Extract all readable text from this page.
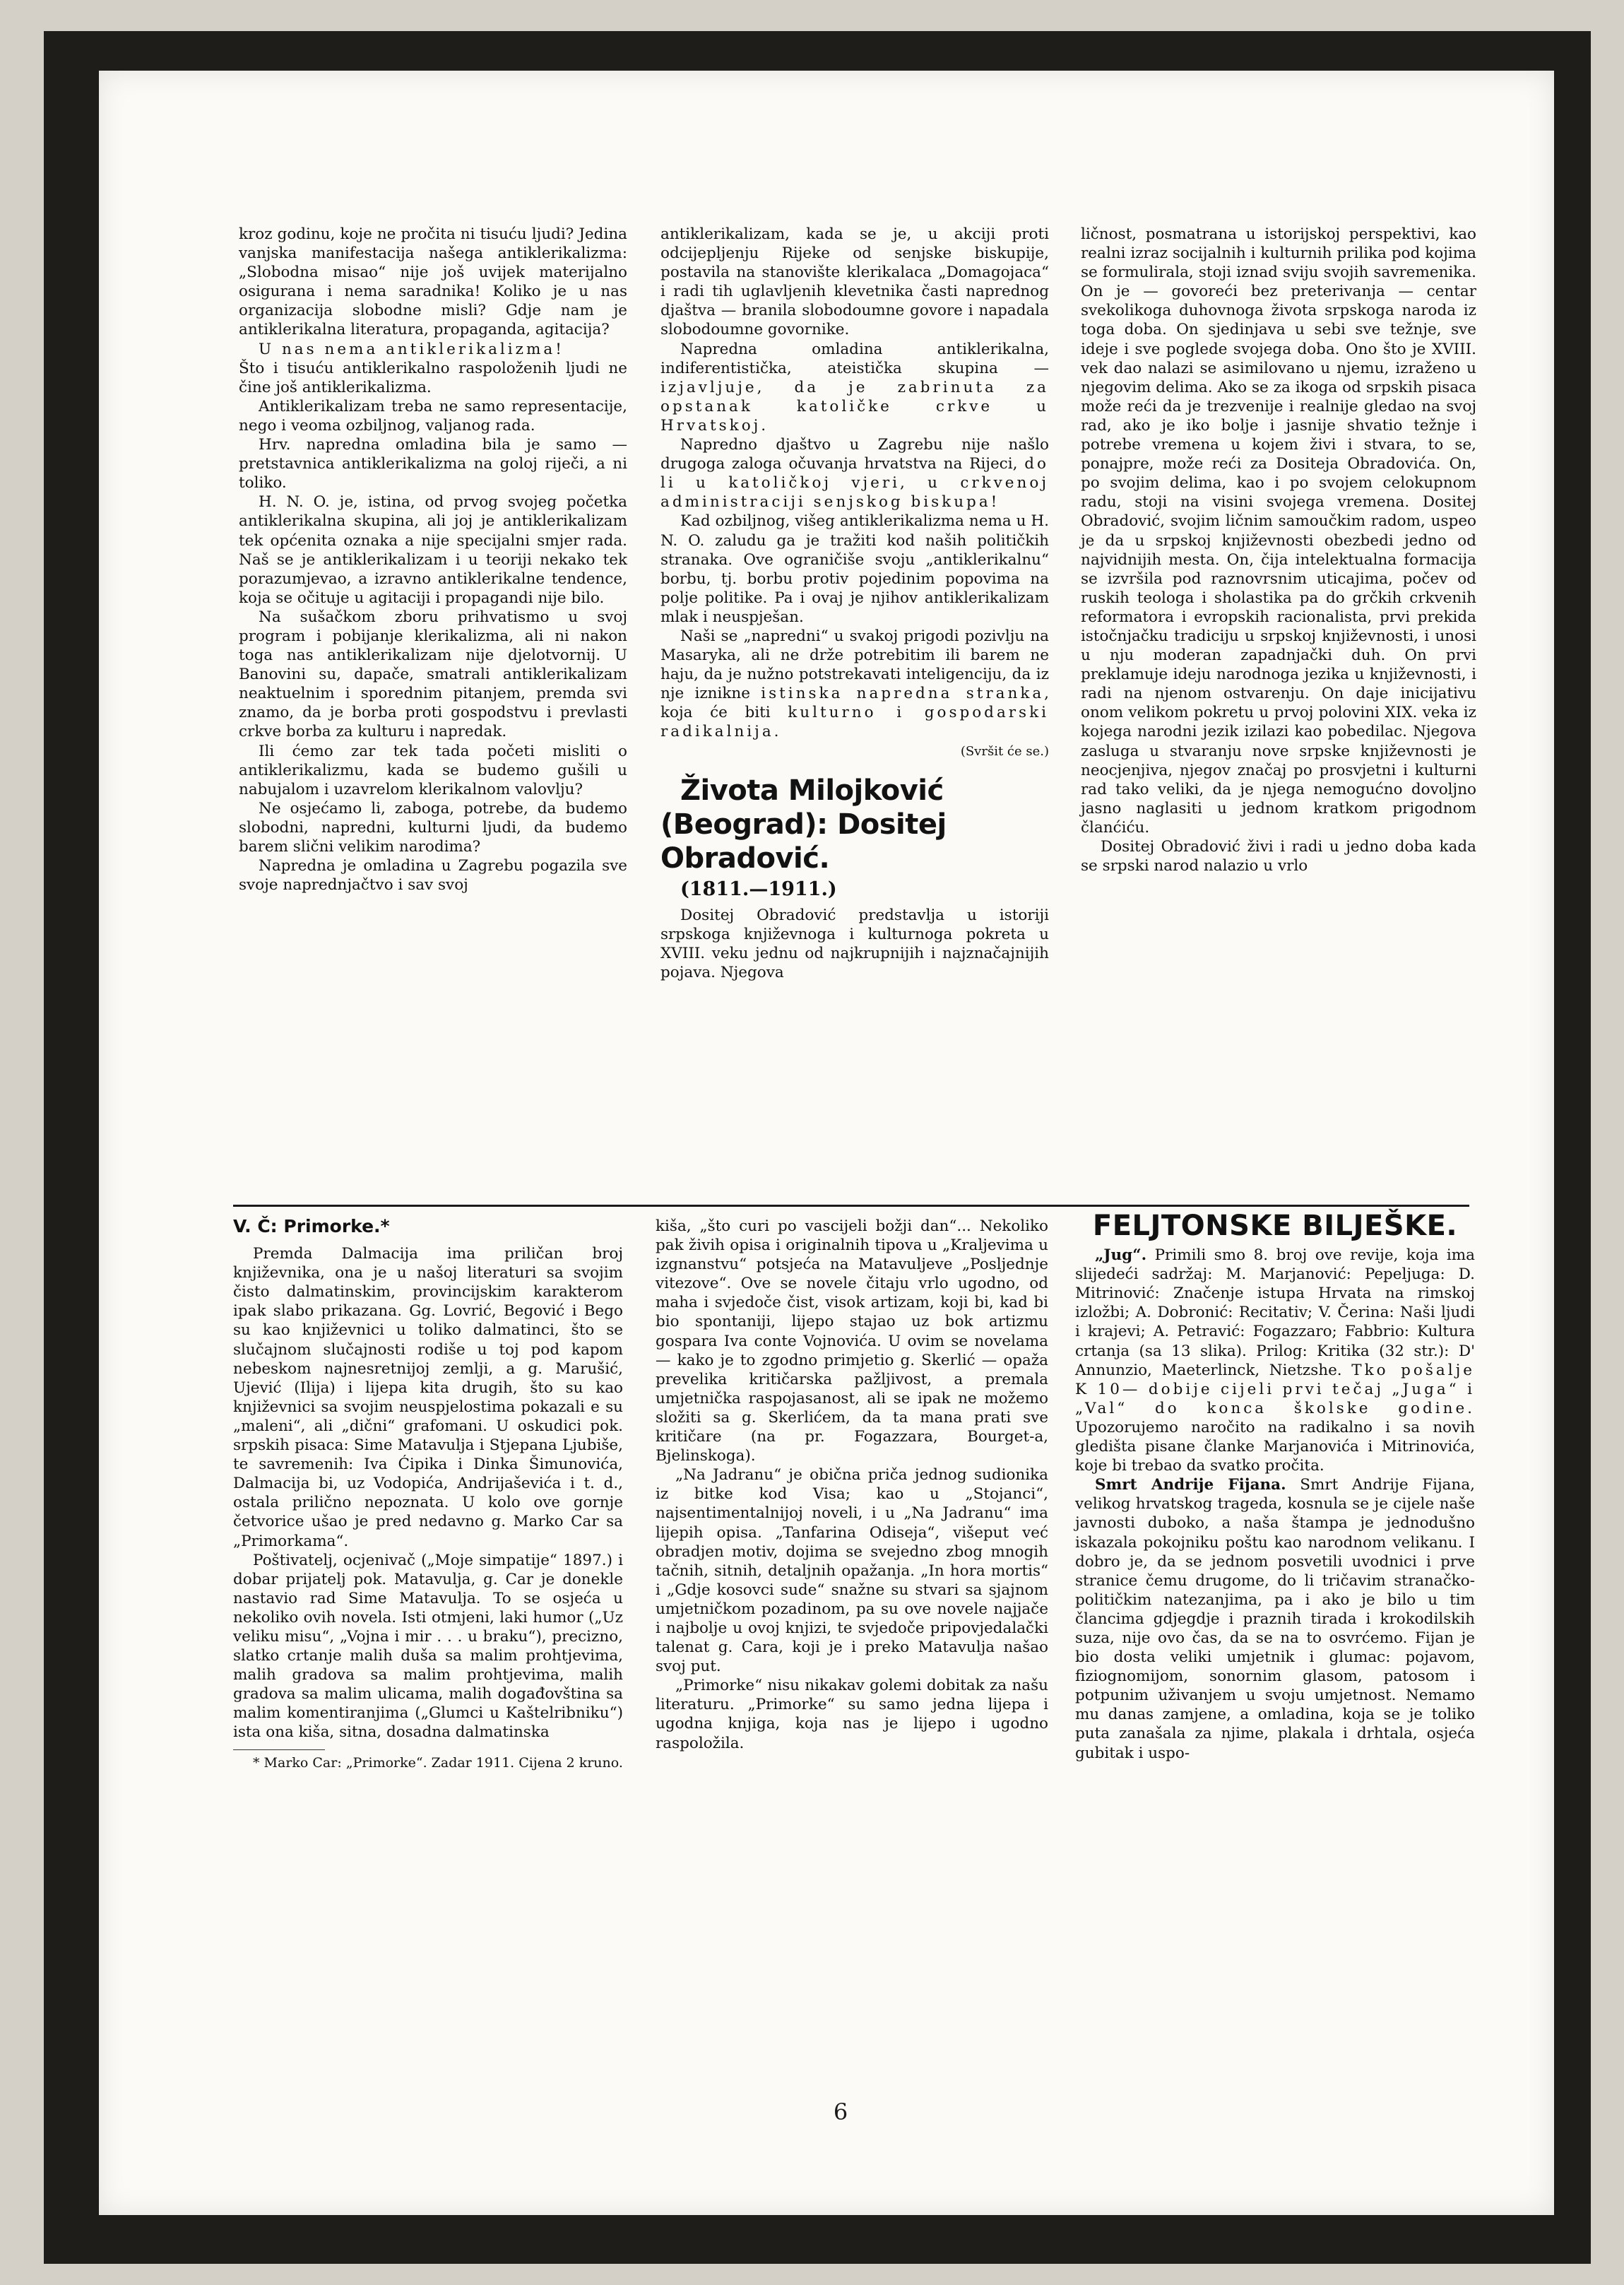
kroz godinu, koje ne pročita ni tisuću ljudi? Jedina vanjska manifestacija našega antiklerikalizma: „Slobodna misao“ nije još uvijek materijalno osigurana i nema saradnika! Koliko je u nas organizacija slobodne misli? Gdje nam je antiklerikalna literatura, propaganda, agitacija?

U nas nema antiklerikalizma!

Što i tisuću antiklerikalno raspoloženih ljudi ne čine još antiklerikalizma.

Antiklerikalizam treba ne samo representacije, nego i veoma ozbiljnog, valjanog rada.

Hrv. napredna omladina bila je samo — pretstavnica antiklerikalizma na goloj riječi, a ni toliko.

H. N. O. je, istina, od prvog svojeg početka antiklerikalna skupina, ali joj je antiklerikalizam tek općenita oznaka a nije specijalni smjer rada. Naš se je antiklerikalizam i u teoriji nekako tek porazumjevao, a izravno antiklerikalne tendence, koja se očituje u agitaciji i propagandi nije bilo.

Na sušačkom zboru prihvatismo u svoj program i pobijanje klerikalizma, ali ni nakon toga nas antiklerikalizam nije djelotvornij. U Banovini su, dapače, smatrali antiklerikalizam neaktuelnim i sporednim pitanjem, premda svi znamo, da je borba proti gospodstvu i prevlasti crkve borba za kulturu i napredak.

Ili ćemo zar tek tada početi misliti o antiklerikalizmu, kada se budemo gušili u nabujalom i uzavrelom klerikalnom valovlju?

Ne osjećamo li, zaboga, potrebe, da budemo slobodni, napredni, kulturni ljudi, da budemo barem slični velikim narodima?

Napredna je omladina u Zagrebu pogazila sve svoje naprednjačtvo i sav svoj

antiklerikalizam, kada se je, u akciji proti odcijepljenju Rijeke od senjske biskupije, postavila na stanovište klerikalaca „Domagojaca“ i radi tih uglavljenih klevetnika časti naprednog djaštva — branila slobodoumne govore i napadala slobodoumne govornike.

Napredna omladina antiklerikalna, indiferentistička, ateistička skupina — izjavljuje, da je zabrinuta za opstanak katoličke crkve u Hrvatskoj.

Napredno djaštvo u Zagrebu nije našlo drugoga zaloga očuvanja hrvatstva na Rijeci, do li u katoličkoj vjeri, u crkvenoj administraciji senjskog biskupa!

Kad ozbiljnog, višeg antiklerikalizma nema u H. N. O. zaludu ga je tražiti kod naših političkih stranaka. Ove ograničiše svoju „antiklerikalnu“ borbu, tj. borbu protiv pojedinim popovima na polje politike. Pa i ovaj je njihov antiklerikalizam mlak i neuspješan.

Naši se „napredni“ u svakoj prigodi pozivlju na Masaryka, ali ne drže potrebitim ili barem ne haju, da je nužno potstrekavati inteligenciju, da iz nje iznikne istinska napredna stranka, koja će biti kulturno i gospodarski radikalnija.

(Svršit će se.)

Života Milojković (Beograd): Dositej Obradović.

(1811.—1911.)

Dositej Obradović predstavlja u istoriji srpskoga književnoga i kulturnoga pokreta u XVIII. veku jednu od najkrupnijih i najznačajnijih pojava. Njegova

ličnost, posmatrana u istorijskoj perspektivi, kao realni izraz socijalnih i kulturnih prilika pod kojima se formulirala, stoji iznad sviju svojih savremenika. On je — govoreći bez preterivanja — centar svekolikoga duhovnoga života srpskoga naroda iz toga doba. On sjedinjava u sebi sve težnje, sve ideje i sve poglede svojega doba. Ono što je XVIII. vek dao nalazi se asimilovano u njemu, izraženo u njegovim delima. Ako se za ikoga od srpskih pisaca može reći da je trezvenije i realnije gledao na svoj rad, ako je iko bolje i jasnije shvatio težnje i potrebe vremena u kojem živi i stvara, to se, ponajpre, može reći za Dositeja Obradovića. On, po svojim delima, kao i po svojem celokupnom radu, stoji na visini svojega vremena. Dositej Obradović, svojim ličnim samoučkim radom, uspeo je da u srpskoj književnosti obezbedi jedno od najvidnijih mesta. On, čija intelektualna formacija se izvršila pod raznovrsnim uticajima, počev od ruskih teologa i sholastika pa do grčkih crkvenih reformatora i evropskih racionalista, prvi prekida istočnjačku tradiciju u srpskoj književnosti, i unosi u nju moderan zapadnjački duh. On prvi preklamuje ideju narodnoga jezika u književnosti, i radi na njenom ostvarenju. On daje inicijativu onom velikom pokretu u prvoj polovini XIX. veka iz kojega narodni jezik izilazi kao pobedilac. Njegova zasluga u stvaranju nove srpske književnosti je neocjenjiva, njegov značaj po prosvjetni i kulturni rad tako veliki, da je njega nemogućno dovoljno jasno naglasiti u jednom kratkom prigodnom članćiću.

Dositej Obradović živi i radi u jedno doba kada se srpski narod nalazio u vrlo

V. Č: Primorke.*

Premda Dalmacija ima priličan broj književnika, ona je u našoj literaturi sa svojim čisto dalmatinskim, provincijskim karakterom ipak slabo prikazana. Gg. Lovrić, Begović i Bego su kao književnici u toliko dalmatinci, što se slučajnom slučajnosti rodiše u toj pod kapom nebeskom najnesretnijoj zemlji, a g. Marušić, Ujević (Ilija) i lijepa kita drugih, što su kao književnici sa svojim neuspjelostima pokazali e su „maleni“, ali „dični“ grafomani. U oskudici pok. srpskih pisaca: Sime Matavulja i Stjepana Ljubiše, te savremenih: Iva Ćipika i Dinka Šimunovića, Dalmacija bi, uz Vodopića, Andrijaševića i t. d., ostala prilično nepoznata. U kolo ove gornje četvorice ušao je pred nedavno g. Marko Car sa „Primorkama“.

Poštivatelj, ocjenivač („Moje simpatije“ 1897.) i dobar prijatelj pok. Matavulja, g. Car je donekle nastavio rad Sime Matavulja. To se osjeća u nekoliko ovih novela. Isti otmjeni, laki humor („Uz veliku misu“, „Vojna i mir . . . u braku“), precizno, slatko crtanje malih duša sa malim prohtjevima, malih gradova sa malim prohtjevima, malih gradova sa malim ulicama, malih događovština sa malim komentiranjima („Glumci u Kaštelribniku“) ista ona kiša, sitna, dosadna dalmatinska

* Marko Car: „Primorke“. Zadar 1911. Cijena 2 kruno.

kiša, „što curi po vascijeli božji dan“... Nekoliko pak živih opisa i originalnih tipova u „Kraljevima u izgnanstvu“ potsjeća na Matavuljeve „Posljednje vitezove“. Ove se novele čitaju vrlo ugodno, od maha i svjedoče čist, visok artizam, koji bi, kad bi bio spontaniji, lijepo stajao uz bok artizmu gospara Iva conte Vojnovića. U ovim se novelama — kako je to zgodno primjetio g. Skerlić — opaža prevelika kritičarska pažljivost, a premala umjetnička raspojasanost, ali se ipak ne možemo složiti sa g. Skerlićem, da ta mana prati sve kritičare (na pr. Fogazzara, Bourget-a, Bjelinskoga).

„Na Jadranu“ je obična priča jednog sudionika iz bitke kod Visa; kao u „Stojanci“, najsentimentalnijoj noveli, i u „Na Jadranu“ ima lijepih opisa. „Tanfarina Odiseja“, višeput već obradjen motiv, dojima se svejedno zbog mnogih tačnih, sitnih, detaljnih opažanja. „In hora mortis“ i „Gdje kosovci sude“ snažne su stvari sa sjajnom umjetničkom pozadinom, pa su ove novele najjače i najbolje u ovoj knjizi, te svjedoče pripovjedalački talenat g. Cara, koji je i preko Matavulja našao svoj put.

„Primorke“ nisu nikakav golemi dobitak za našu literaturu. „Primorke“ su samo jedna lijepa i ugodna knjiga, koja nas je lijepo i ugodno raspoložila.

FELJTONSKE BILJEŠKE.

„Jug“. Primili smo 8. broj ove revije, koja ima slijedeći sadržaj: M. Marjanović: Pepeljuga: D. Mitrinović: Značenje istupa Hrvata na rimskoj izložbi; A. Dobronić: Recitativ; V. Čerina: Naši ljudi i krajevi; A. Petravić: Fogazzaro; Fabbrio: Kultura crtanja (sa 13 slika). Prilog: Kritika (32 str.): D' Annunzio, Maeterlinck, Nietzshe. Tko pošalje K 10— dobije cijeli prvi tečaj „Juga“ i „Val“ do konca školske godine. Upozorujemo naročito na radikalno i sa novih gledišta pisane članke Marjanovića i Mitrinovića, koje bi trebao da svatko pročita.

Smrt Andrije Fijana. Smrt Andrije Fijana, velikog hrvatskog trageda, kosnula se je cijele naše javnosti duboko, a naša štampa je jednodušno iskazala pokojniku poštu kao narodnom velikanu. I dobro je, da se jednom posvetili uvodnici i prve stranice čemu drugome, do li tričavim stranačko-političkim natezanjima, pa i ako je bilo u tim člancima gdjegdje i praznih tirada i krokodilskih suza, nije ovo čas, da se na to osvrćemo. Fijan je bio dosta veliki umjetnik i glumac: pojavom, fiziognomijom, sonornim glasom, patosom i potpunim uživanjem u svoju umjetnost. Nemamo mu danas zamjene, a omladina, koja se je toliko puta zanašala za njime, plakala i drhtala, osjeća gubitak i uspo-

6
